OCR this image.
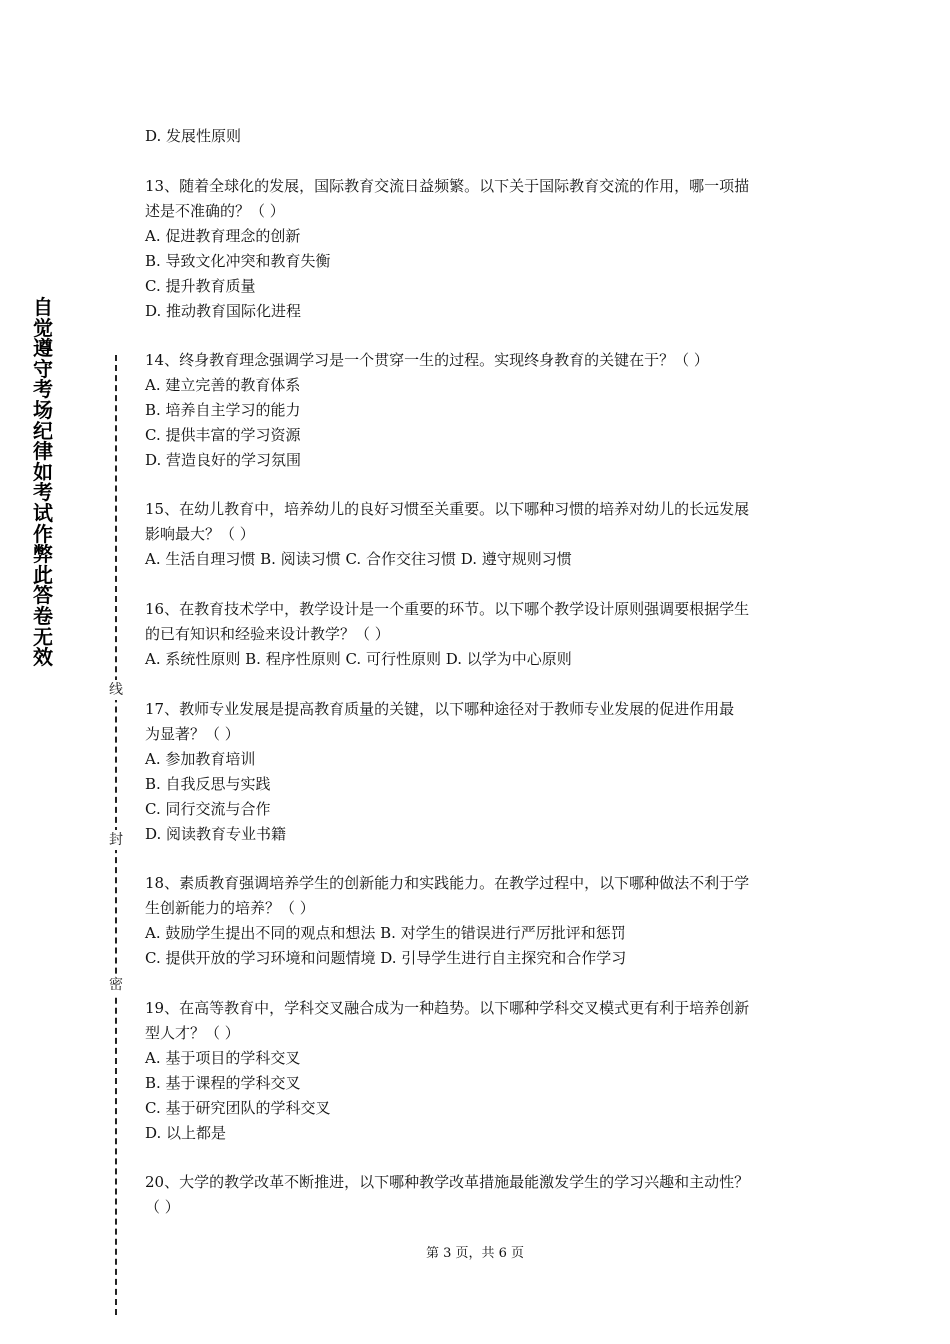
自觉遵守考场纪律如考试作弊此答卷无效
线
封
密

D. 发展性原则

13、随着全球化的发展，国际教育交流日益频繁。以下关于国际教育交流的作用，哪一项描

述是不准确的？（ ）

A. 促进教育理念的创新

B. 导致文化冲突和教育失衡

C. 提升教育质量

D. 推动教育国际化进程

14、终身教育理念强调学习是一个贯穿一生的过程。实现终身教育的关键在于？（ ）

A. 建立完善的教育体系

B. 培养自主学习的能力

C. 提供丰富的学习资源

D. 营造良好的学习氛围

15、在幼儿教育中，培养幼儿的良好习惯至关重要。以下哪种习惯的培养对幼儿的长远发展

影响最大？（ ）

A. 生活自理习惯 B. 阅读习惯 C. 合作交往习惯 D. 遵守规则习惯

16、在教育技术学中，教学设计是一个重要的环节。以下哪个教学设计原则强调要根据学生

的已有知识和经验来设计教学？（ ）

A. 系统性原则 B. 程序性原则 C. 可行性原则 D. 以学为中心原则

17、教师专业发展是提高教育质量的关键，以下哪种途径对于教师专业发展的促进作用最

为显著？（ ）

A. 参加教育培训

B. 自我反思与实践

C. 同行交流与合作

D. 阅读教育专业书籍

18、素质教育强调培养学生的创新能力和实践能力。在教学过程中，以下哪种做法不利于学

生创新能力的培养？（ ）

A. 鼓励学生提出不同的观点和想法 B. 对学生的错误进行严厉批评和惩罚

C. 提供开放的学习环境和问题情境 D. 引导学生进行自主探究和合作学习

19、在高等教育中，学科交叉融合成为一种趋势。以下哪种学科交叉模式更有利于培养创新

型人才？（ ）

A. 基于项目的学科交叉

B. 基于课程的学科交叉

C. 基于研究团队的学科交叉

D. 以上都是

20、大学的教学改革不断推进，以下哪种教学改革措施最能激发学生的学习兴趣和主动性？

（ ）

第 3 页，共 6 页
